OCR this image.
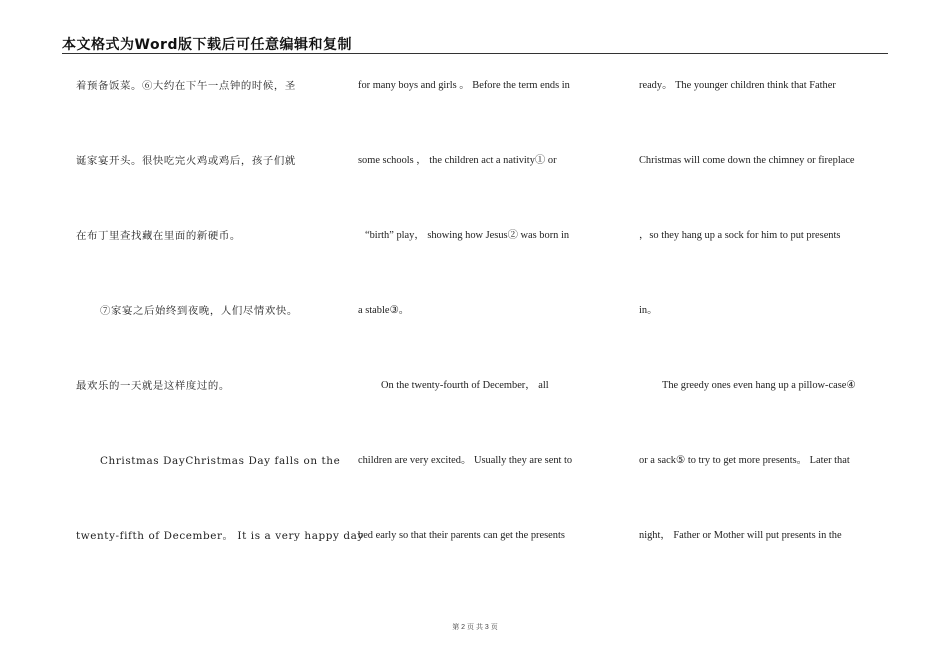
本文格式为Word版下载后可任意编辑和复制
着预备饭菜。⑥大约在下午一点钟的时候，圣
诞家宴开头。很快吃完火鸡或鸡后，孩子们就
在布丁里查找藏在里面的新硬币。
⑦家宴之后始终到夜晚，人们尽情欢快。
最欢乐的一天就是这样度过的。
Christmas DayChristmas Day falls on the
twenty-fifth of December。 It is a very happy day
for many boys and girls 。 Before the term ends in
some schools ， the children act a nativity① or
“birth” play， showing how Jesus② was born in
a stable③。
On the twenty-fourth of December， all
children are very excited。 Usually they are sent to
bed early so that their parents can get the presents
ready。 The younger children think that Father
Christmas will come down the chimney or fireplace
，so they hang up a sock for him to put presents
in。
The greedy ones even hang up a pillow-case④
or a sack⑤ to try to get more presents。 Later that
night， Father or Mother will put presents in the
第 2 页 共 3 页
